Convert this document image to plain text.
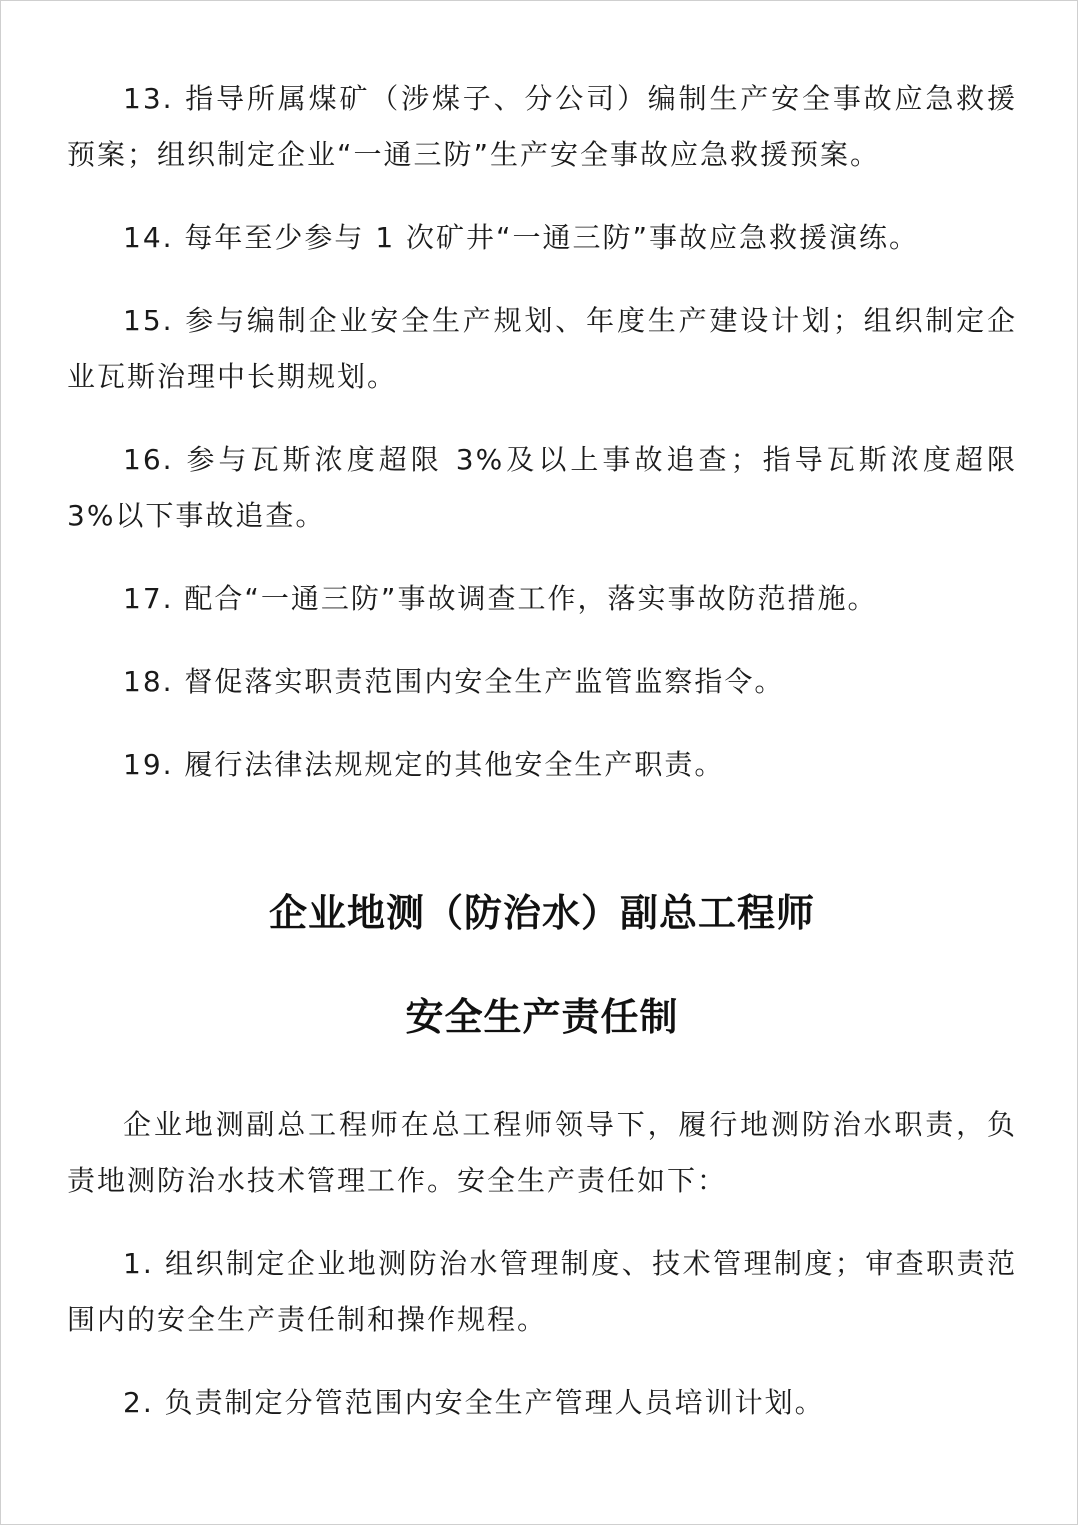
13. 指导所属煤矿（涉煤子、分公司）编制生产安全事故应急救援预案；组织制定企业“一通三防”生产安全事故应急救援预案。

14. 每年至少参与 1 次矿井“一通三防”事故应急救援演练。

15. 参与编制企业安全生产规划、年度生产建设计划；组织制定企业瓦斯治理中长期规划。

16. 参与瓦斯浓度超限 3%及以上事故追查；指导瓦斯浓度超限 3%以下事故追查。

17. 配合“一通三防”事故调查工作，落实事故防范措施。

18. 督促落实职责范围内安全生产监管监察指令。

19. 履行法律法规规定的其他安全生产职责。

企业地测（防治水）副总工程师
安全生产责任制

企业地测副总工程师在总工程师领导下，履行地测防治水职责，负责地测防治水技术管理工作。安全生产责任如下：

1. 组织制定企业地测防治水管理制度、技术管理制度；审查职责范围内的安全生产责任制和操作规程。

2. 负责制定分管范围内安全生产管理人员培训计划。
